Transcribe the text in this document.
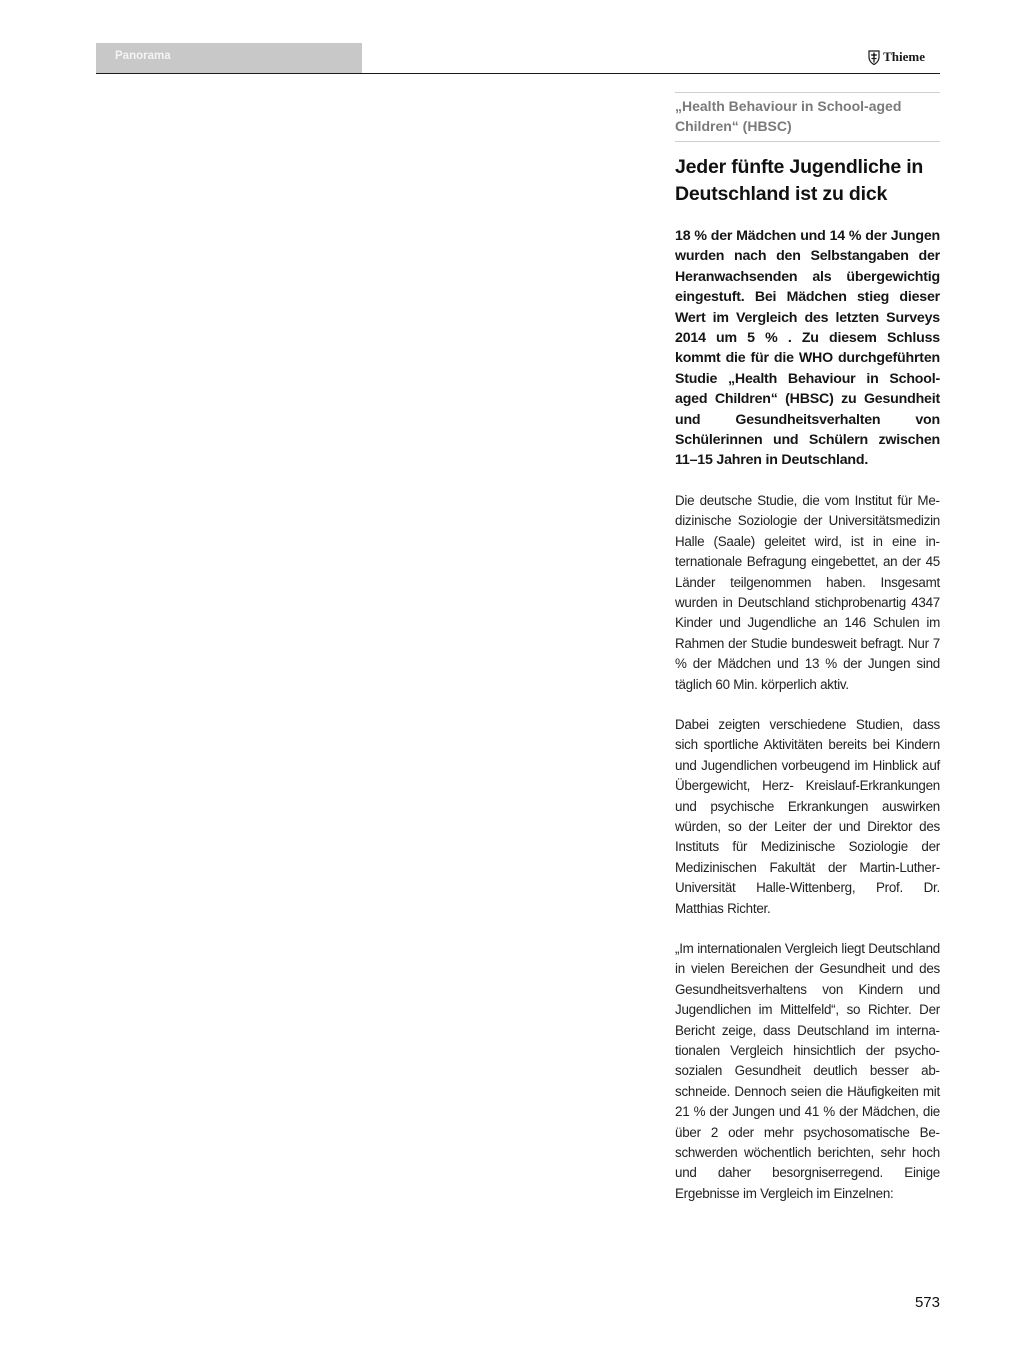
Panorama	Thieme
„Health Behaviour in School-aged Children“ (HBSC)
Jeder fünfte Jugendliche in Deutschland ist zu dick

18 % der Mädchen und 14 % der Jungen wurden nach den Selbstangaben der Heranwachsenden als übergewichtig eingestuft. Bei Mädchen stieg dieser Wert im Vergleich des letzten Surveys 2014 um 5 % . Zu diesem Schluss kommt die für die WHO durchgeführten Studie „Health Behaviour in School-aged Children“ (HBSC) zu Gesundheit und Gesundheitsverhalten von Schülerinnen und Schülern zwischen 11–15 Jahren in Deutschland.

Die deutsche Studie, die vom Institut für Medizinische Soziologie der Universitätsmedizin Halle (Saale) geleitet wird, ist in eine internationale Befragung eingebettet, an der 45 Länder teilgenommen haben. Insgesamt wurden in Deutschland stichprobenartig 4347 Kinder und Jugendliche an 146 Schulen im Rahmen der Studie bundesweit befragt. Nur 7 % der Mädchen und 13 % der Jungen sind täglich 60 Min. körperlich aktiv.

Dabei zeigten verschiedene Studien, dass sich sportliche Aktivitäten bereits bei Kindern und Jugendlichen vorbeugend im Hinblick auf Übergewicht, Herz- Kreislauf-Erkrankungen und psychische Erkrankungen auswirken würden, so der Leiter der und Direktor des Instituts für Medizinische Soziologie der Medizinischen Fakultät der Martin-Luther-Universität Halle-Wittenberg, Prof. Dr. Matthias Richter.

„Im internationalen Vergleich liegt Deutschland in vielen Bereichen der Gesundheit und des Gesundheitsverhaltens von Kindern und Jugendlichen im Mittelfeld“, so Richter. Der Bericht zeige, dass Deutschland im internationalen Vergleich hinsichtlich der psychosozialen Gesundheit deutlich besser abschneide. Dennoch seien die Häufigkeiten mit 21 % der Jungen und 41 % der Mädchen, die über 2 oder mehr psychosomatische Beschwerden wöchentlich berichten, sehr hoch und daher besorgniserregend. Einige Ergebnisse im Vergleich im Einzelnen:

573
